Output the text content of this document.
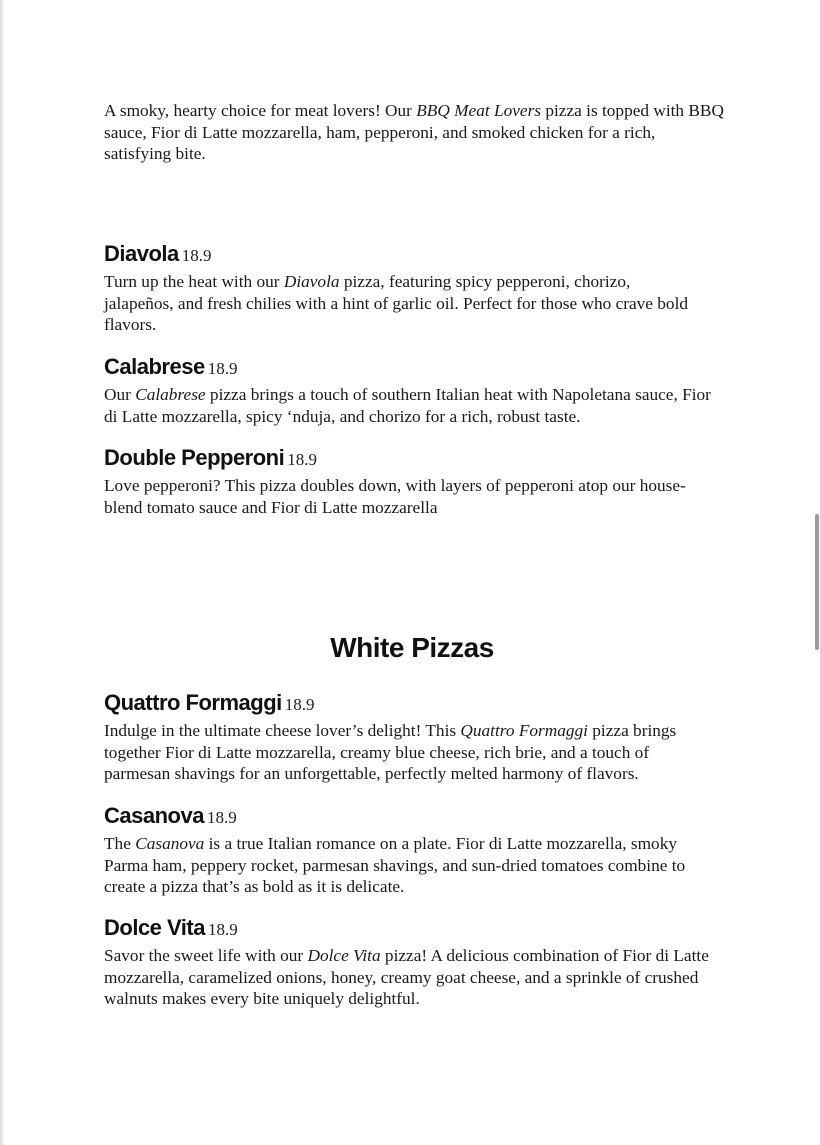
A smoky, hearty choice for meat lovers! Our BBQ Meat Lovers pizza is topped with BBQ sauce, Fior di Latte mozzarella, ham, pepperoni, and smoked chicken for a rich, satisfying bite.

Diavola 18.9

Turn up the heat with our Diavola pizza, featuring spicy pepperoni, chorizo, jalapeños, and fresh chilies with a hint of garlic oil. Perfect for those who crave bold flavors.

Calabrese 18.9

Our Calabrese pizza brings a touch of southern Italian heat with Napoletana sauce, Fior di Latte mozzarella, spicy ‘nduja, and chorizo for a rich, robust taste.

Double Pepperoni 18.9

Love pepperoni? This pizza doubles down, with layers of pepperoni atop our house-blend tomato sauce and Fior di Latte mozzarella

White Pizzas
Quattro Formaggi 18.9

Indulge in the ultimate cheese lover’s delight! This Quattro Formaggi pizza brings together Fior di Latte mozzarella, creamy blue cheese, rich brie, and a touch of parmesan shavings for an unforgettable, perfectly melted harmony of flavors.

Casanova 18.9

The Casanova is a true Italian romance on a plate. Fior di Latte mozzarella, smoky Parma ham, peppery rocket, parmesan shavings, and sun-dried tomatoes combine to create a pizza that’s as bold as it is delicate.

Dolce Vita 18.9

Savor the sweet life with our Dolce Vita pizza! A delicious combination of Fior di Latte mozzarella, caramelized onions, honey, creamy goat cheese, and a sprinkle of crushed walnuts makes every bite uniquely delightful.
